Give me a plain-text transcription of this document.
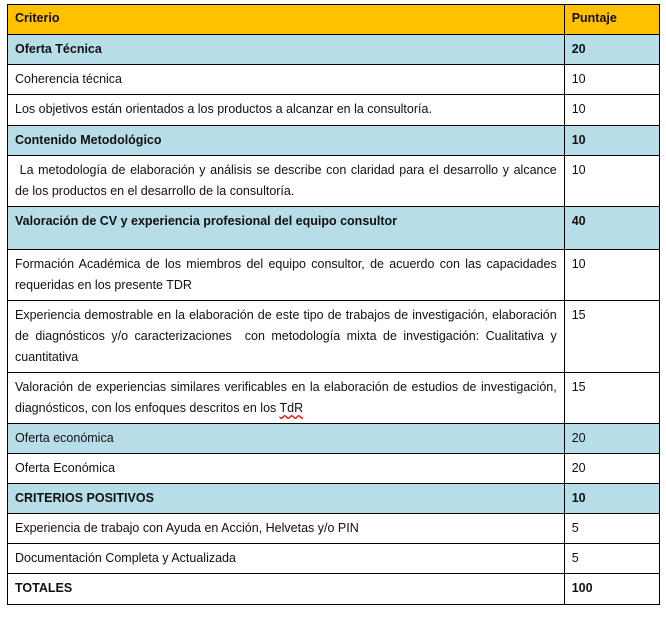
Criterio	Puntaje
Oferta Técnica	20
Coherencia técnica	10
Los objetivos están orientados a los productos a alcanzar en la consultoría.	10
Contenido Metodológico	10
La metodología de elaboración y análisis se describe con claridad para el desarrollo y alcance de los productos en el desarrollo de la consultoría.	10
Valoración de CV y experiencia profesional del equipo consultor	40
Formación Académica de los miembros del equipo consultor, de acuerdo con las capacidades requeridas en los presente TDR	10
Experiencia demostrable en la elaboración de este tipo de trabajos de investigación, elaboración de diagnósticos y/o caracterizaciones  con metodología mixta de investigación: Cualitativa y cuantitativa	15
Valoración de experiencias similares verificables en la elaboración de estudios de investigación, diagnósticos, con los enfoques descritos en los TdR	15
Oferta económica	20
Oferta Económica	20
CRITERIOS POSITIVOS	10
Experiencia de trabajo con Ayuda en Acción, Helvetas y/o PIN	5
Documentación Completa y Actualizada	5
TOTALES	100
